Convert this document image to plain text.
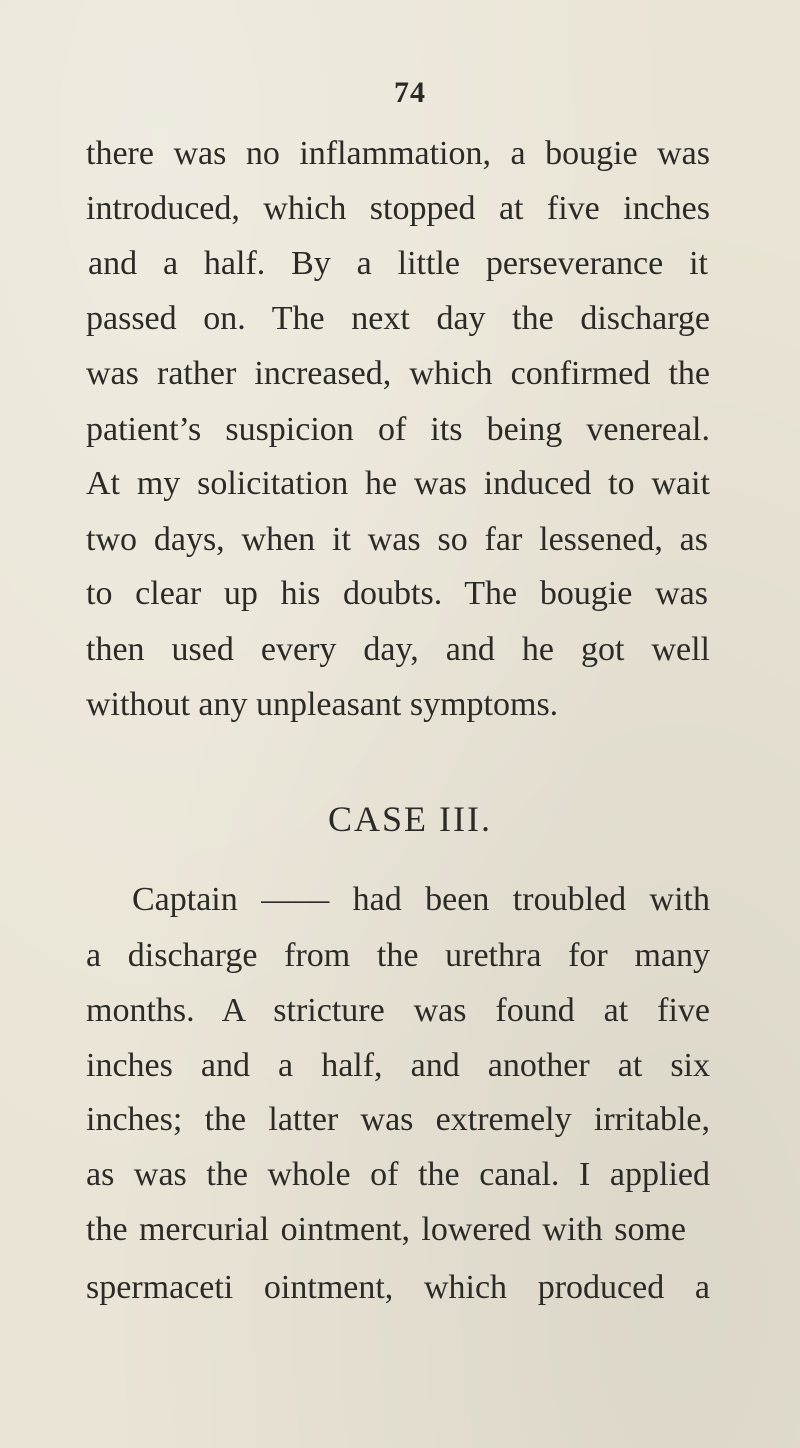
74
there was no inflammation, a bougie was
introduced, which stopped at five inches
and a half. By a little perseverance it
passed on. The next day the discharge
was rather increased, which confirmed the
patient’s suspicion of its being venereal.
At my solicitation he was induced to wait
two days, when it was so far lessened, as
to clear up his doubts. The bougie was
then used every day, and he got well
without any unpleasant symptoms.
CASE III.
Captain —— had been troubled with
a discharge from the urethra for many
months. A stricture was found at five
inches and a half, and another at six
inches; the latter was extremely irritable,
as was the whole of the canal. I applied
the mercurial ointment, lowered with some
spermaceti ointment, which produced a
